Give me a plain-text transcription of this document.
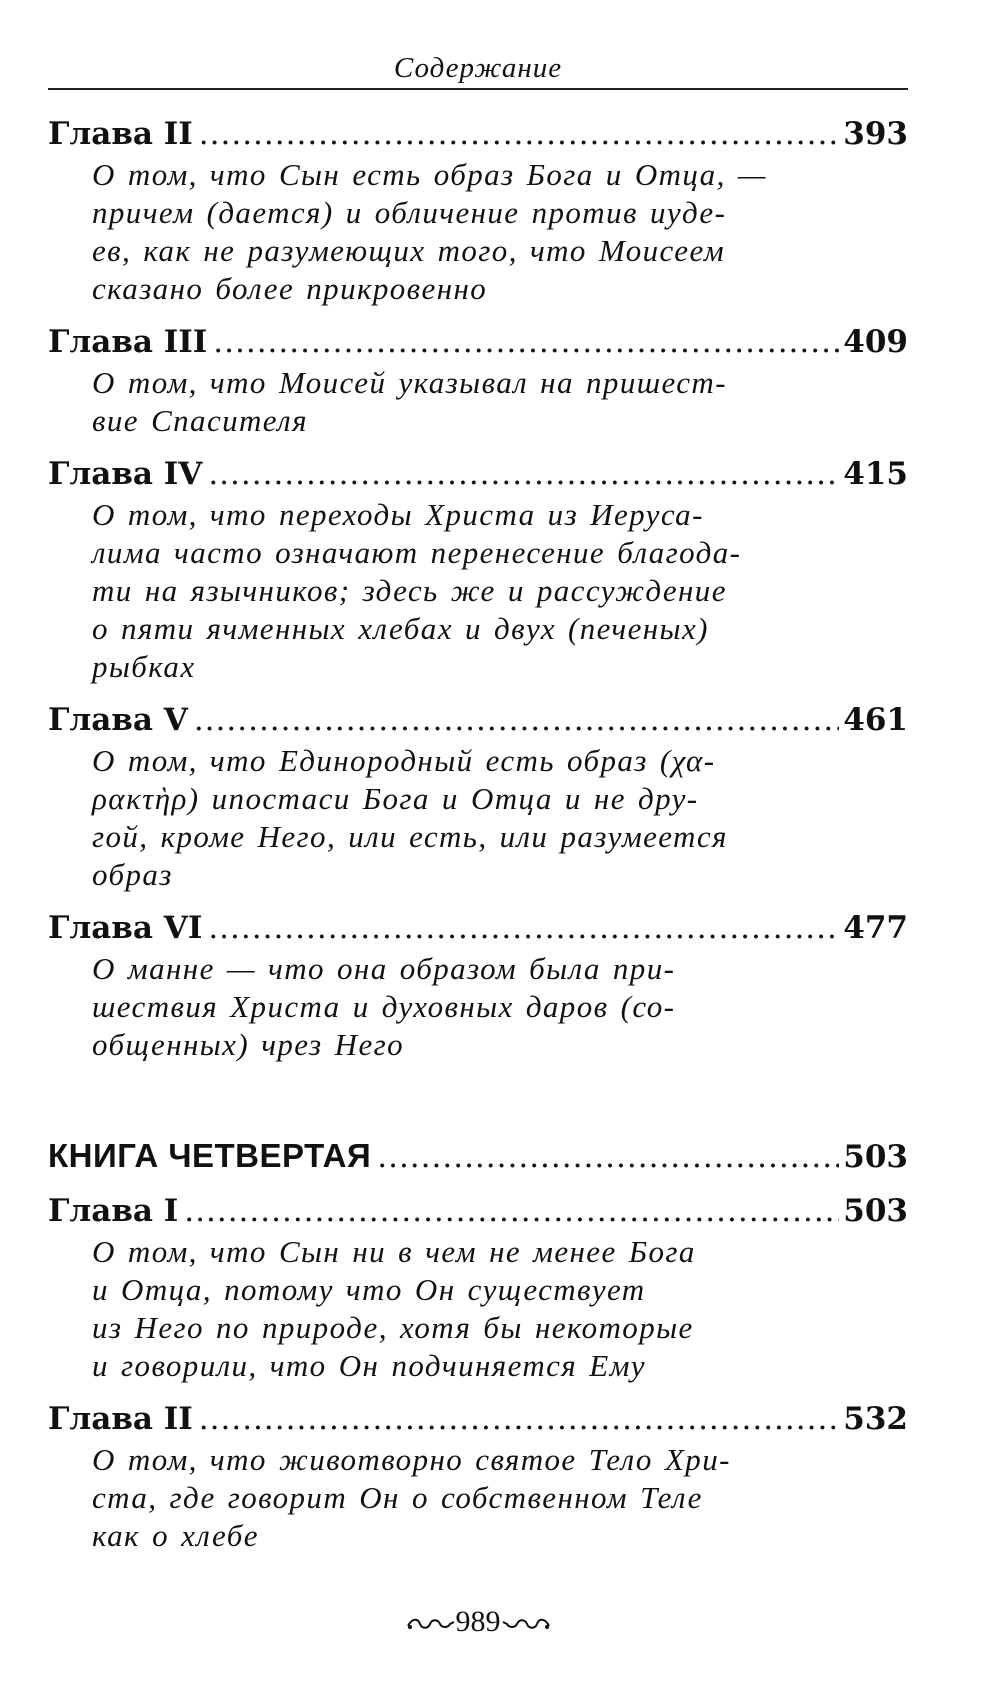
Содержание
Глава II .....	393
О том, что Сын есть образ Бога и Отца, —
причем (дается) и обличение против иуде-
ев, как не разумеющих того, что Моисеем
сказано более прикровенно
Глава III .....	409
О том, что Моисей указывал на пришест-
вие Спасителя
Глава IV .....	415
О том, что переходы Христа из Иеруса-
лима часто означают перенесение благода-
ти на язычников; здесь же и рассуждение
о пяти ячменных хлебах и двух (печеных)
рыбках
Глава V .....	461
О том, что Единородный есть образ (χα-
ρακτὴρ) ипостаси Бога и Отца и не дру-
гой, кроме Него, или есть, или разумеется
образ
Глава VI .....	477
О манне — что она образом была при-
шествия Христа и духовных даров (со-
общенных) чрез Него
КНИГА ЧЕТВЕРТАЯ .....	503
Глава I .....	503
О том, что Сын ни в чем не менее Бога
и Отца, потому что Он существует
из Него по природе, хотя бы некоторые
и говорили, что Он подчиняется Ему
Глава II .....	532
О том, что животворно святое Тело Хри-
ста, где говорит Он о собственном Теле
как о хлебе
989
